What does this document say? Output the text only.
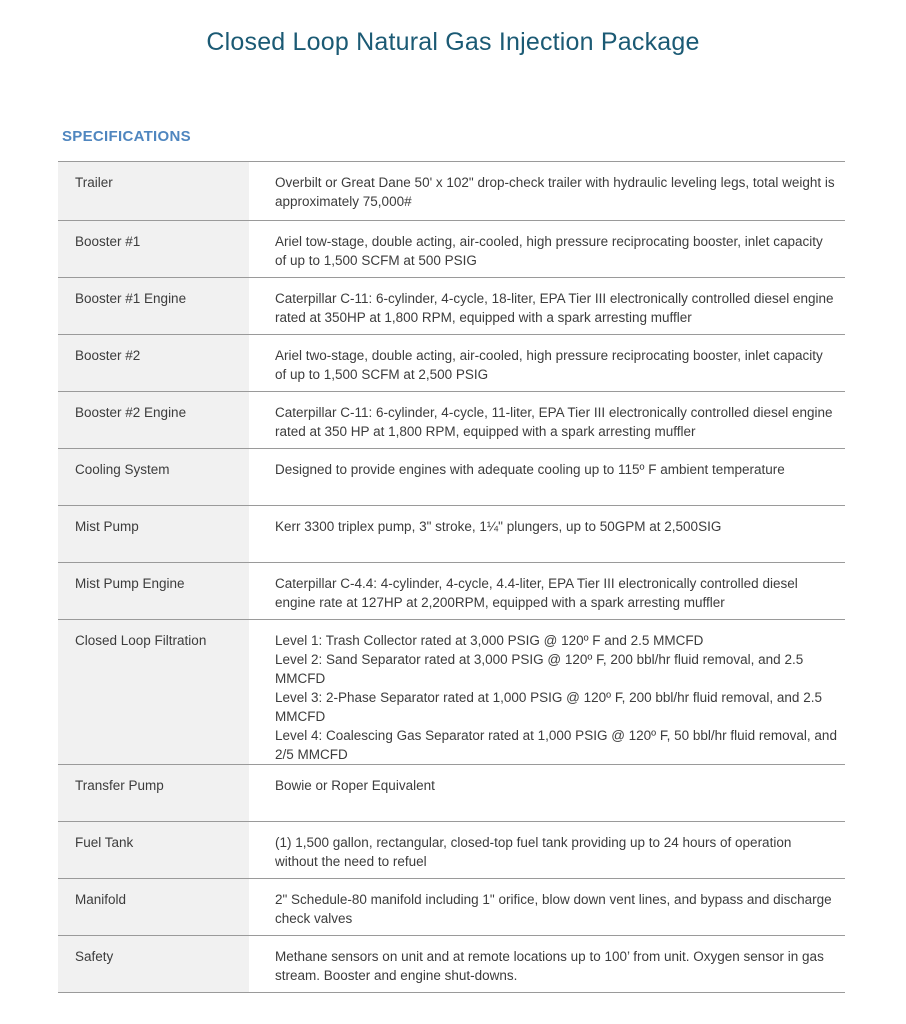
Closed Loop Natural Gas Injection Package
SPECIFICATIONS
Trailer	Overbilt or Great Dane 50' x 102" drop-check trailer with hydraulic leveling legs, total weight is approximately 75,000#

Booster #1	Ariel tow-stage, double acting, air-cooled, high pressure reciprocating booster, inlet capacity of up to 1,500 SCFM at 500 PSIG

Booster #1 Engine	Caterpillar C-11: 6-cylinder, 4-cycle, 18-liter, EPA Tier III electronically controlled diesel engine rated at 350HP at 1,800 RPM, equipped with a spark arresting muffler

Booster #2	Ariel two-stage, double acting, air-cooled, high pressure reciprocating booster, inlet capacity of up to 1,500 SCFM at 2,500 PSIG

Booster #2 Engine	Caterpillar C-11: 6-cylinder, 4-cycle, 11-liter, EPA Tier III electronically controlled diesel engine rated at 350 HP at 1,800 RPM, equipped with a spark arresting muffler

Cooling System	Designed to provide engines with adequate cooling up to 115º F ambient temperature

Mist Pump	Kerr 3300 triplex pump, 3" stroke, 1¼" plungers, up to 50GPM at 2,500SIG

Mist Pump Engine	Caterpillar C-4.4: 4-cylinder, 4-cycle, 4.4-liter, EPA Tier III electronically controlled diesel engine rate at 127HP at 2,200RPM, equipped with a spark arresting muffler

Closed Loop Filtration	Level 1: Trash Collector rated at 3,000 PSIG @ 120º F and 2.5 MMCFD
Level 2: Sand Separator rated at 3,000 PSIG @ 120º F, 200 bbl/hr fluid removal, and 2.5 MMCFD
Level 3: 2-Phase Separator rated at 1,000 PSIG @ 120º F, 200 bbl/hr fluid removal, and 2.5 MMCFD
Level 4: Coalescing Gas Separator rated at 1,000 PSIG @ 120º F, 50 bbl/hr fluid removal, and 2/5 MMCFD

Transfer Pump	Bowie or Roper Equivalent

Fuel Tank	(1) 1,500 gallon, rectangular, closed-top fuel tank providing up to 24 hours of operation without the need to refuel

Manifold	2" Schedule-80 manifold including 1" orifice, blow down vent lines, and bypass and discharge check valves

Safety	Methane sensors on unit and at remote locations up to 100’ from unit. Oxygen sensor in gas stream. Booster and engine shut-downs.
